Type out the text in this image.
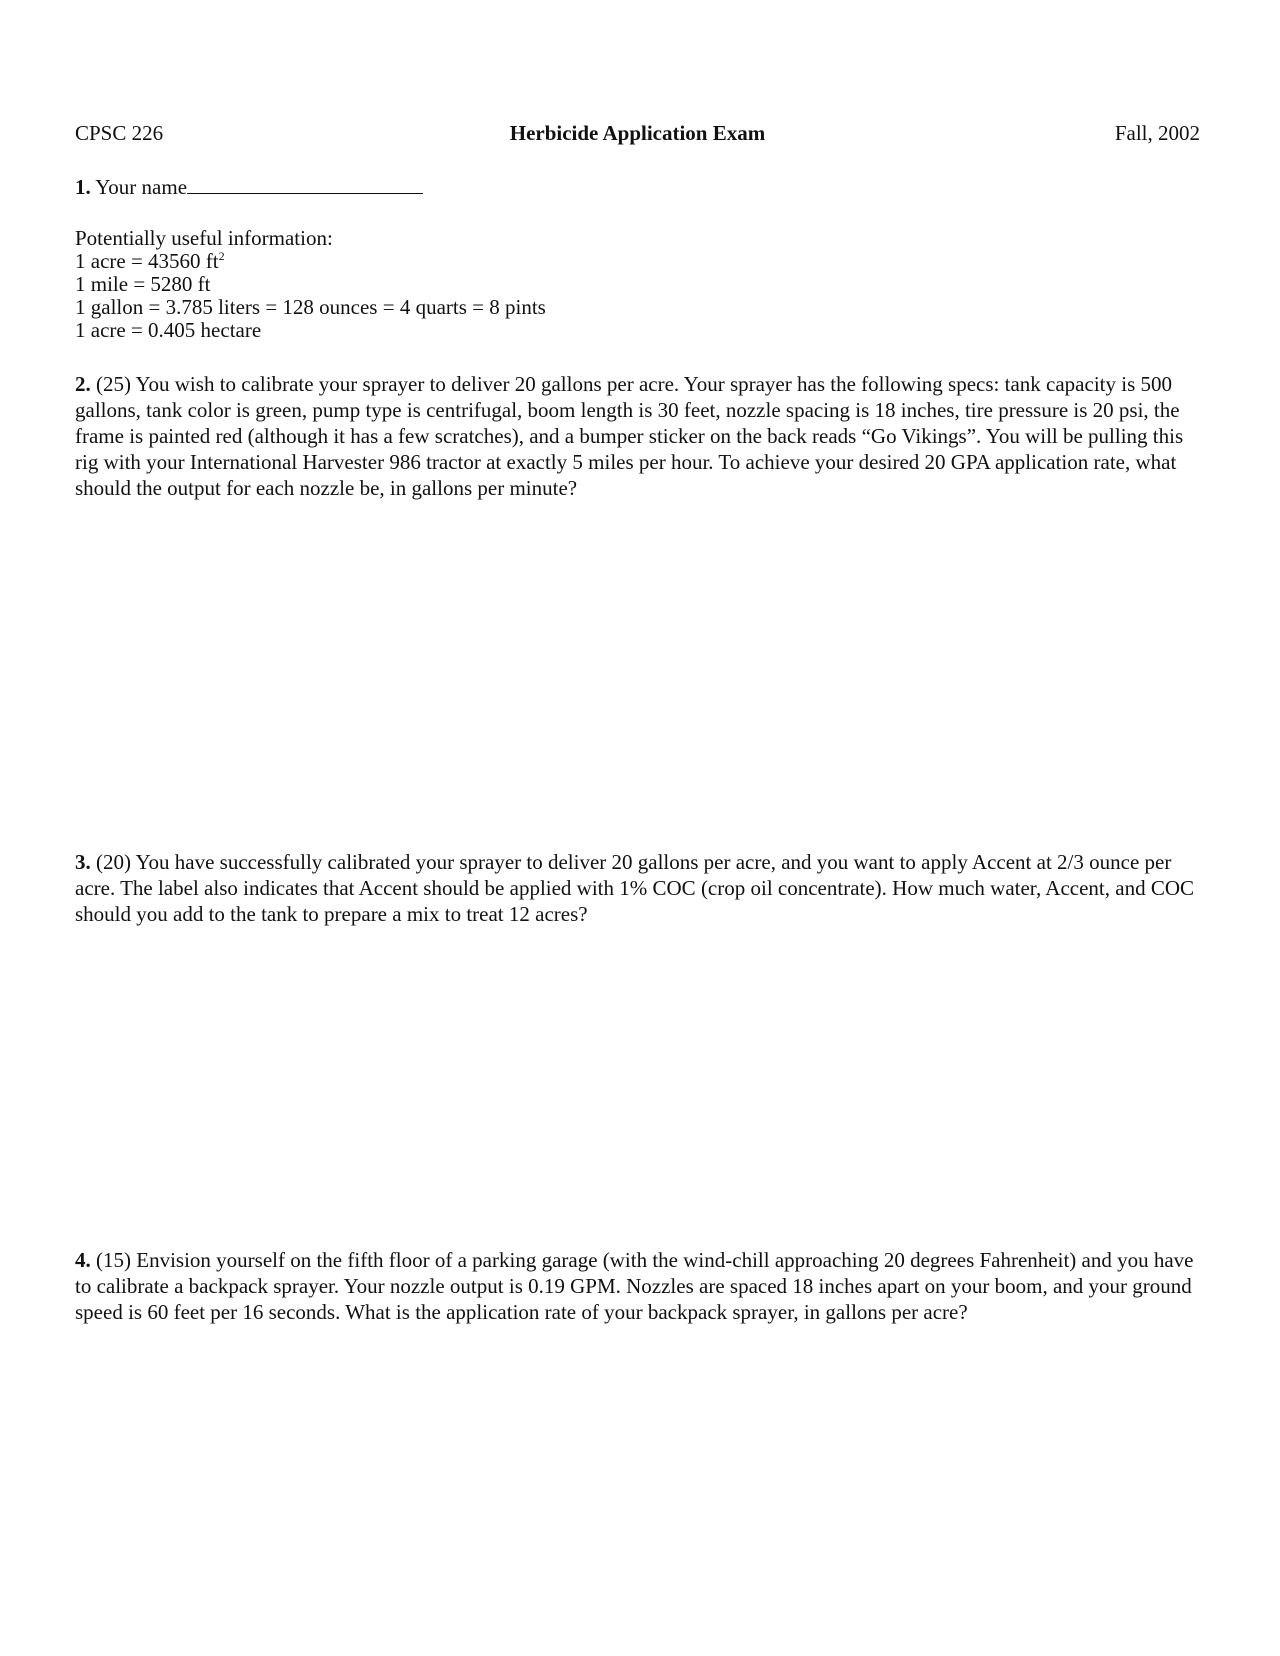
CPSC 226	Herbicide Application Exam	Fall, 2002
1. Your name
Potentially useful information:
1 acre = 43560 $ft^2$
1 mile = 5280 ft
1 gallon = 3.785 liters = 128 ounces = 4 quarts = 8 pints
1 acre = 0.405 hectare

2. (25) You wish to calibrate your sprayer to deliver 20 gallons per acre. Your sprayer has the following specs: tank capacity is 500 gallons, tank color is green, pump type is centrifugal, boom length is 30 feet, nozzle spacing is 18 inches, tire pressure is 20 psi, the frame is painted red (although it has a few scratches), and a bumper sticker on the back reads “Go Vikings”. You will be pulling this rig with your International Harvester 986 tractor at exactly 5 miles per hour. To achieve your desired 20 GPA application rate, what should the output for each nozzle be, in gallons per minute?

3. (20) You have successfully calibrated your sprayer to deliver 20 gallons per acre, and you want to apply Accent at 2/3 ounce per acre. The label also indicates that Accent should be applied with 1% COC (crop oil concentrate). How much water, Accent, and COC should you add to the tank to prepare a mix to treat 12 acres?

4. (15) Envision yourself on the fifth floor of a parking garage (with the wind-chill approaching 20 degrees Fahrenheit) and you have to calibrate a backpack sprayer. Your nozzle output is 0.19 GPM. Nozzles are spaced 18 inches apart on your boom, and your ground speed is 60 feet per 16 seconds. What is the application rate of your backpack sprayer, in gallons per acre?
